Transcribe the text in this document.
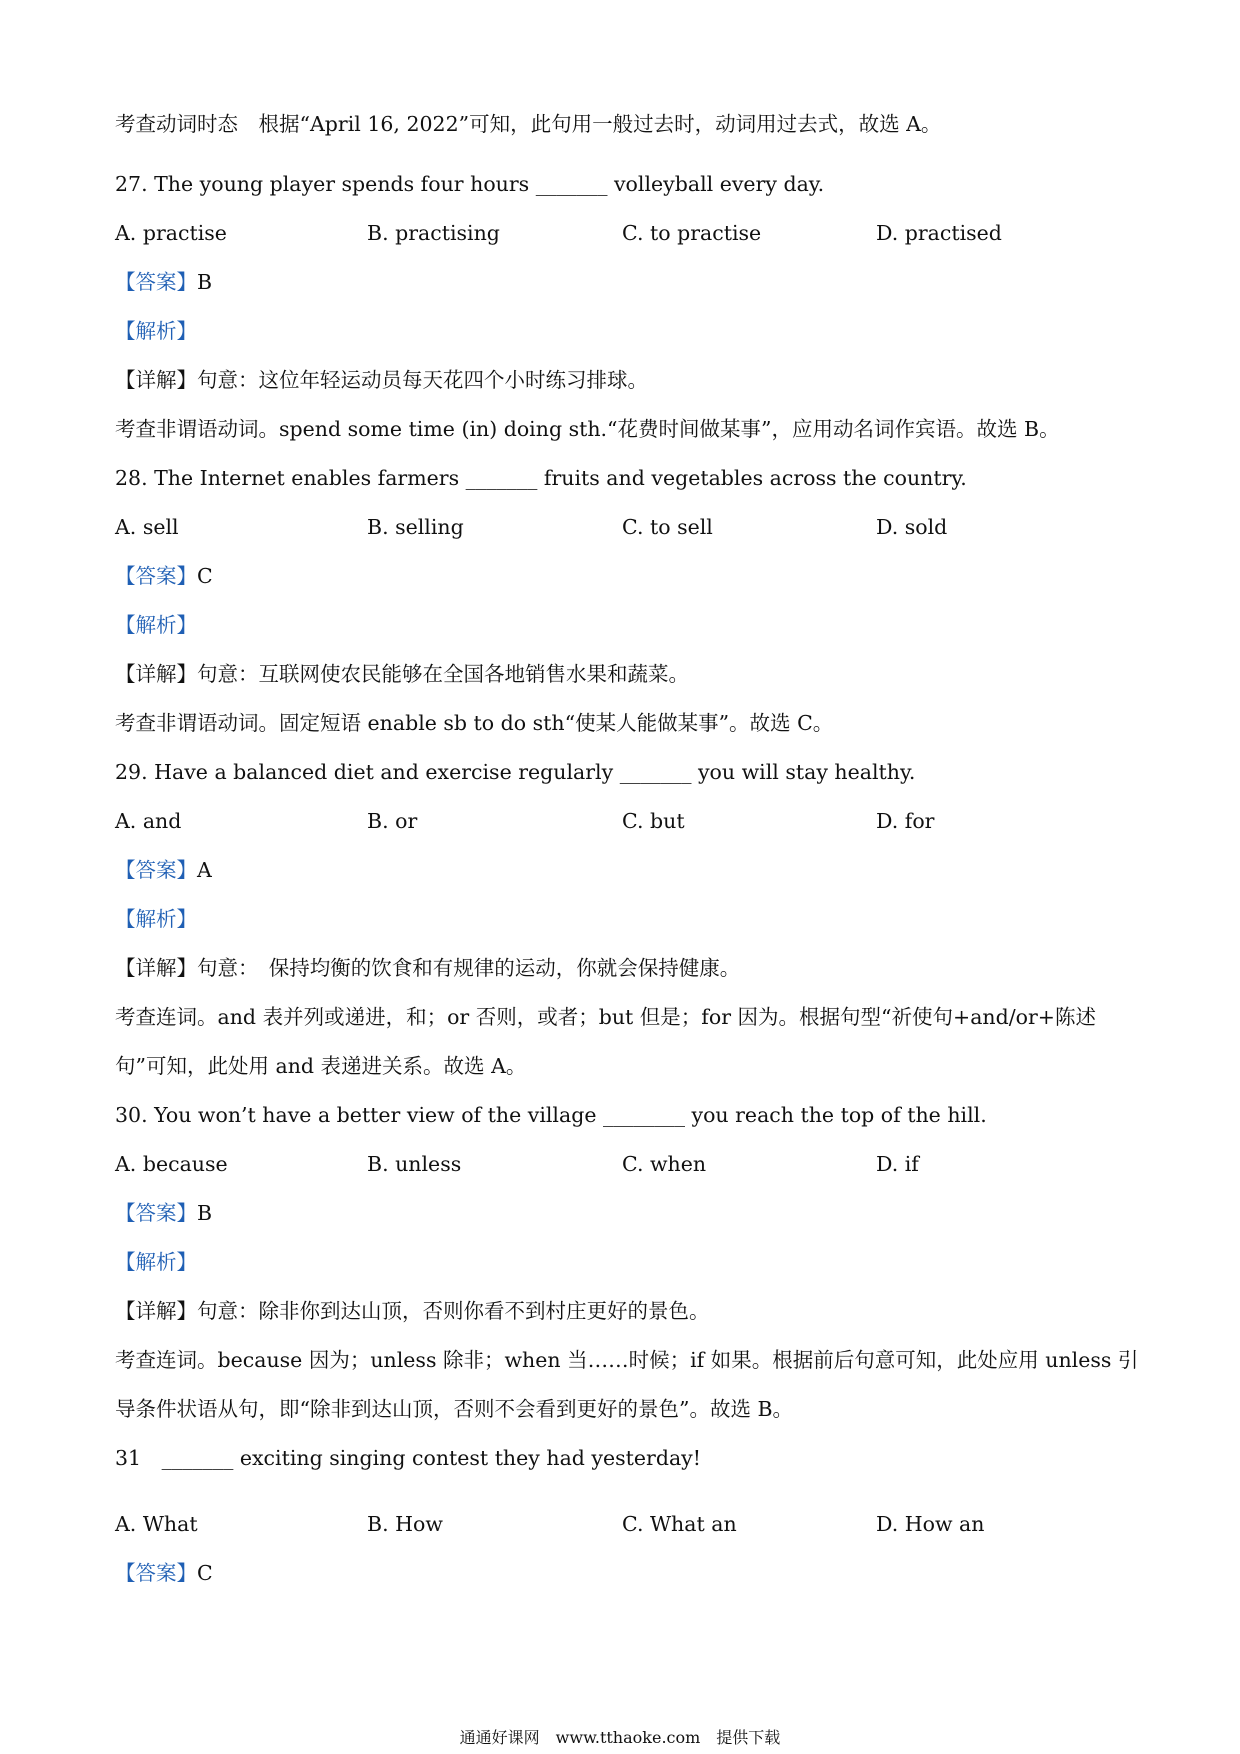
考查动词时态　根据“April 16, 2022”可知，此句用一般过去时，动词用过去式，故选 A。
27. The young player spends four hours _______ volleyball every day.
A. practise	B. practising	C. to practise	D. practised
【答案】B
【解析】
【详解】句意：这位年轻运动员每天花四个小时练习排球。
考查非谓语动词。spend some time (in) doing sth.“花费时间做某事”，应用动名词作宾语。故选 B。
28. The Internet enables farmers _______ fruits and vegetables across the country.
A. sell	B. selling	C. to sell	D. sold
【答案】C
【解析】
【详解】句意：互联网使农民能够在全国各地销售水果和蔬菜。
考查非谓语动词。固定短语 enable sb to do sth“使某人能做某事”。故选 C。
29. Have a balanced diet and exercise regularly _______ you will stay healthy.
A. and	B. or	C. but	D. for
【答案】A
【解析】
【详解】句意：　保持均衡的饮食和有规律的运动，你就会保持健康。
考查连词。and 表并列或递进，和；or 否则，或者；but 但是；for 因为。根据句型“祈使句+and/or+陈述
句”可知，此处用 and 表递进关系。故选 A。
30. You won’t have a better view of the village ________ you reach the top of the hill.
A. because	B. unless	C. when	D. if
【答案】B
【解析】
【详解】句意：除非你到达山顶，否则你看不到村庄更好的景色。
考查连词。because 因为；unless 除非；when 当……时候；if 如果。根据前后句意可知，此处应用 unless 引
导条件状语从句，即“除非到达山顶，否则不会看到更好的景色”。故选 B。
31　_______ exciting singing contest they had yesterday!
A. What	B. How	C. What an	D. How an
【答案】C
通通好课网　www.tthaoke.com　提供下载
